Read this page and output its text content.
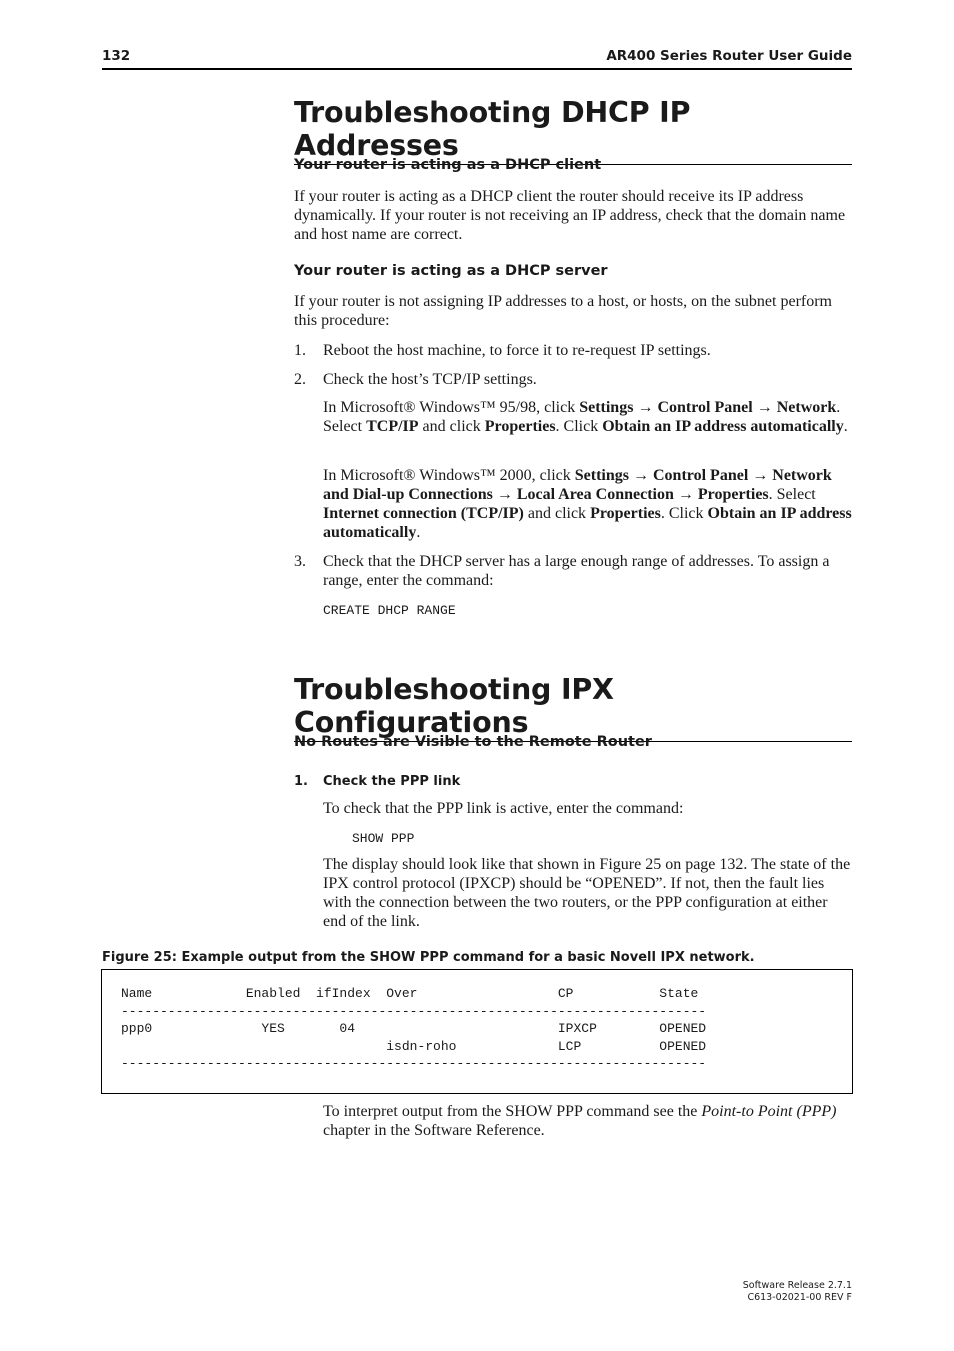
132	AR400 Series Router User Guide
Troubleshooting DHCP IP Addresses
Your router is acting as a DHCP client

If your router is acting as a DHCP client the router should receive its IP address dynamically. If your router is not receiving an IP address, check that the domain name and host name are correct.

Your router is acting as a DHCP server

If your router is not assigning IP addresses to a host, or hosts, on the subnet perform this procedure:

1. Reboot the host machine, to force it to re-request IP settings.
2. Check the host’s TCP/IP settings.
In Microsoft® Windows™ 95/98, click Settings → Control Panel → Network. Select TCP/IP and click Properties. Click Obtain an IP address automatically.
In Microsoft® Windows™ 2000, click Settings → Control Panel → Network and Dial-up Connections → Local Area Connection → Properties. Select Internet connection (TCP/IP) and click Properties. Click Obtain an IP address automatically.
3. Check that the DHCP server has a large enough range of addresses. To assign a range, enter the command:
CREATE DHCP RANGE
Troubleshooting IPX Configurations
No Routes are Visible to the Remote Router
1. Check the PPP link
To check that the PPP link is active, enter the command:
SHOW PPP
The display should look like that shown in Figure 25 on page 132. The state of the IPX control protocol (IPXCP) should be “OPENED”. If not, then the fault lies with the connection between the two routers, or the PPP configuration at either end of the link.
Figure 25: Example output from the SHOW PPP command for a basic Novell IPX network.
Name            Enabled  ifIndex  Over                  CP           State
---------------------------------------------------------------------------
ppp0              YES       04                          IPXCP        OPENED
isdn-roho             LCP          OPENED
---------------------------------------------------------------------------
To interpret output from the SHOW PPP command see the Point-to Point (PPP) chapter in the Software Reference.
Software Release 2.7.1
C613-02021-00 REV F
